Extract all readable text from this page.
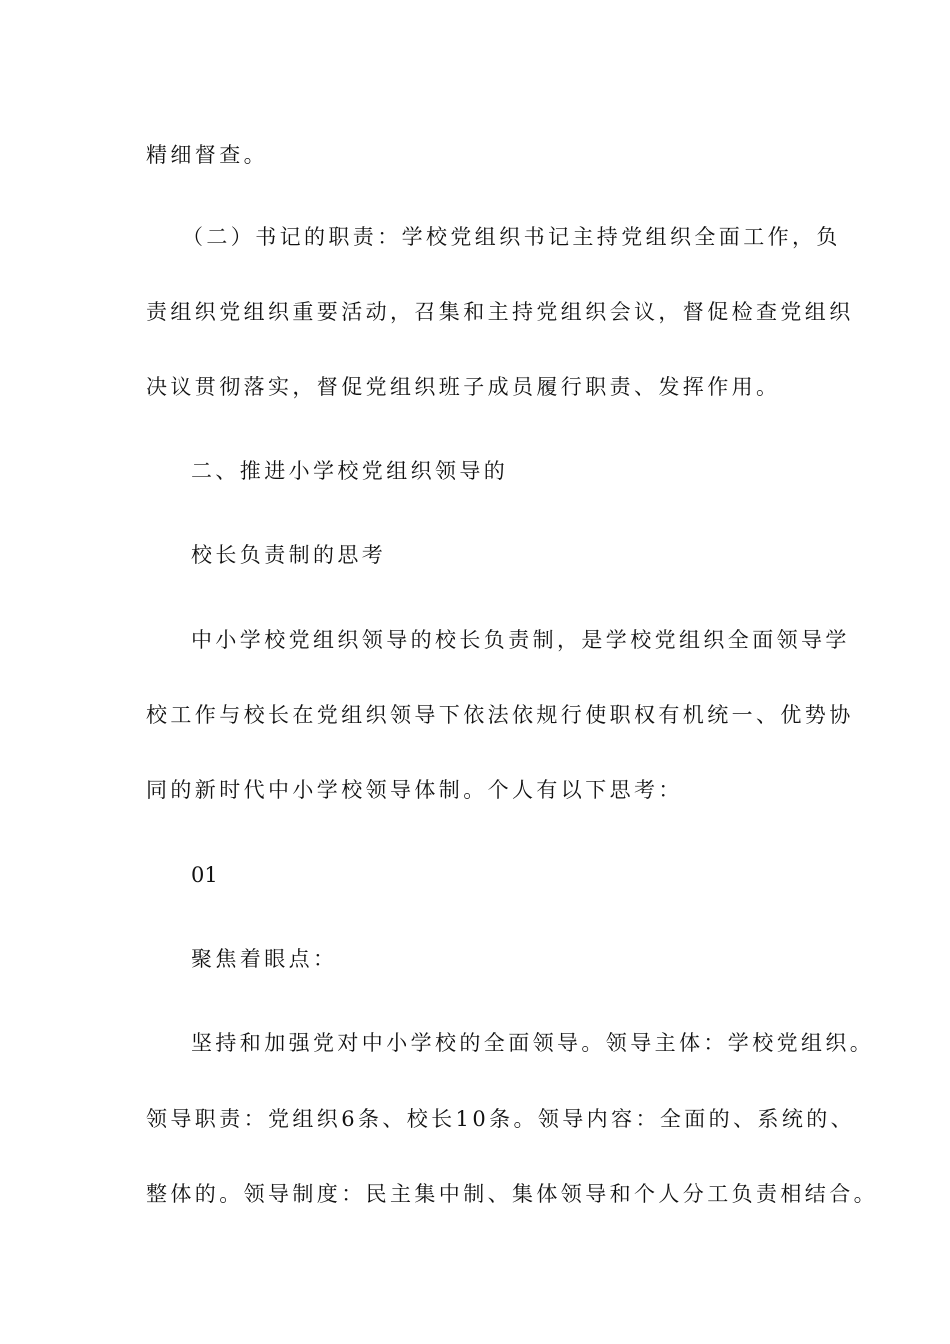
精细督查。
（二）书记的职责：学校党组织书记主持党组织全面工作，负
责组织党组织重要活动，召集和主持党组织会议，督促检查党组织
决议贯彻落实，督促党组织班子成员履行职责、发挥作用。
二、推进小学校党组织领导的
校长负责制的思考
中小学校党组织领导的校长负责制，是学校党组织全面领导学
校工作与校长在党组织领导下依法依规行使职权有机统一、优势协
同的新时代中小学校领导体制。个人有以下思考：
01
聚焦着眼点：
坚持和加强党对中小学校的全面领导。领导主体：学校党组织。
领导职责：党组织6条、校长10条。领导内容：全面的、系统的、
整体的。领导制度：民主集中制、集体领导和个人分工负责相结合。
